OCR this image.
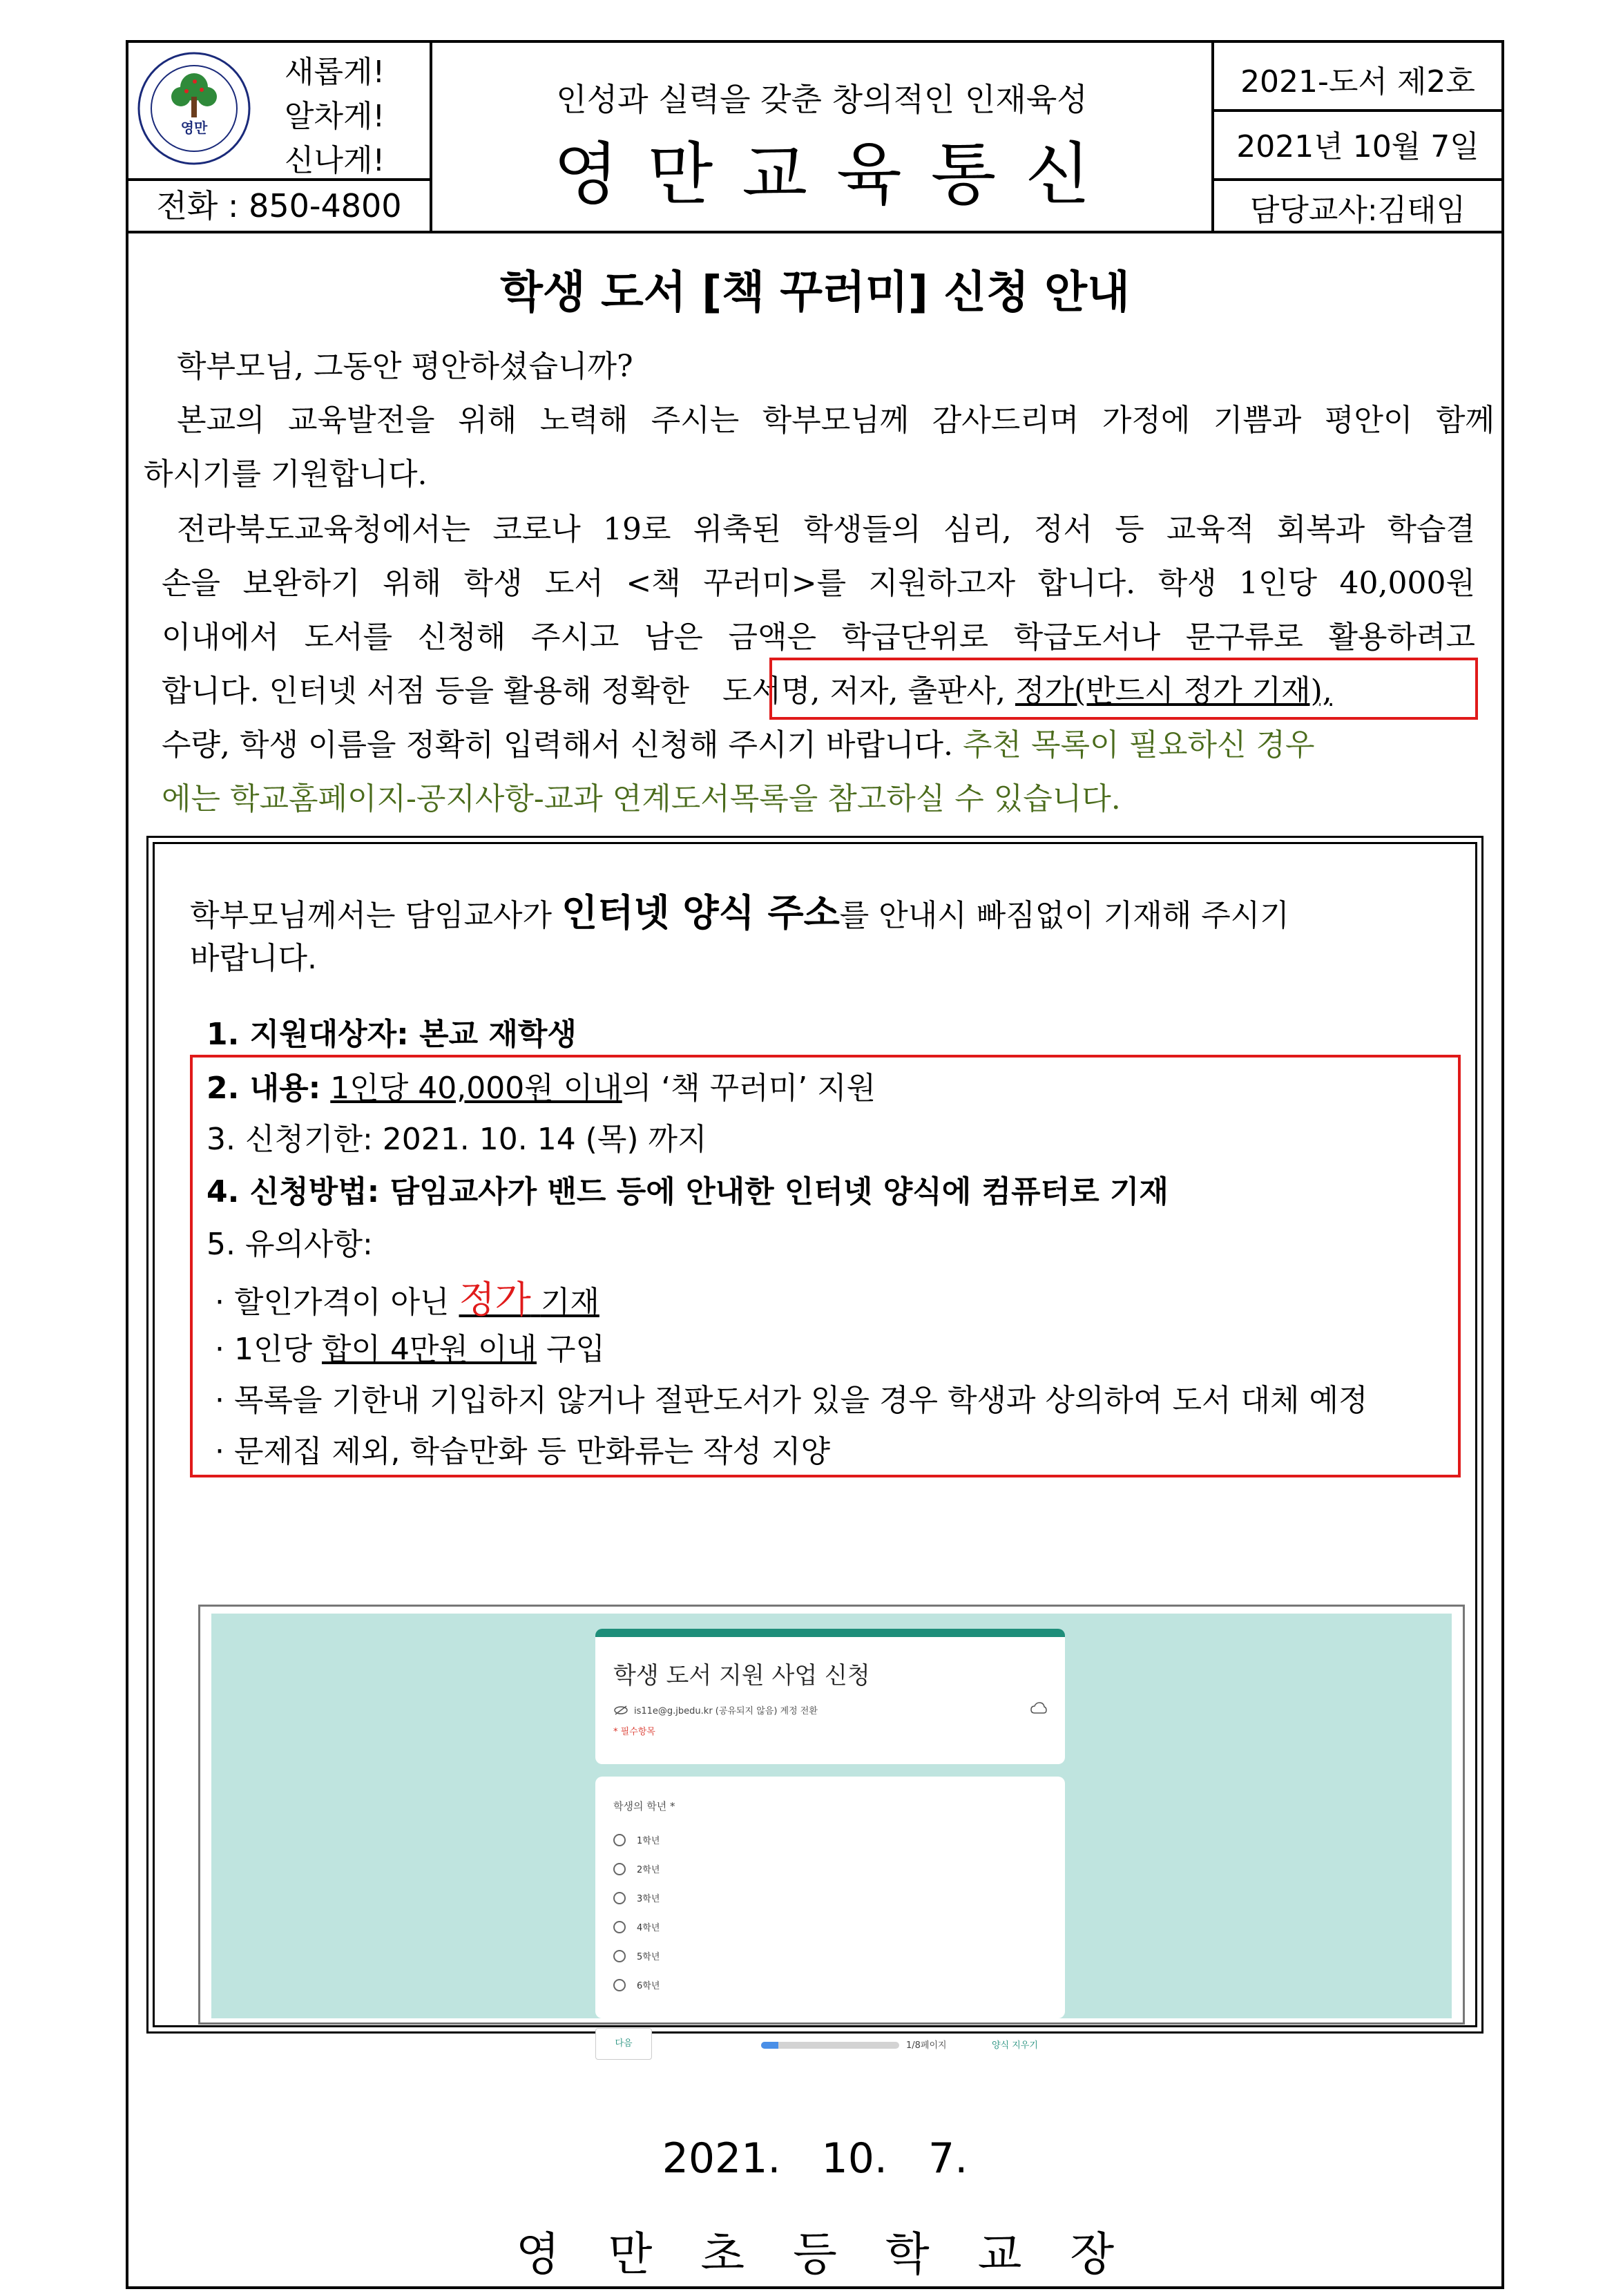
영만
새롭게!
알차게!
신나게!
전화 : 850-4800
인성과 실력을 갖춘 창의적인 인재육성
영만교육통신
2021-도서 제2호
2021년 10월 7일
담당교사:김태임
학생 도서 [책 꾸러미] 신청 안내
학부모님, 그동안 평안하셨습니까?
본교의 교육발전을 위해 노력해 주시는 학부모님께 감사드리며 가정에 기쁨과 평안이 함께
하시기를 기원합니다.
전라북도교육청에서는 코로나 19로 위축된 학생들의 심리, 정서 등 교육적 회복과 학습결
손을 보완하기 위해 학생 도서 <책 꾸러미>를 지원하고자 합니다. 학생 1인당 40,000원
이내에서 도서를 신청해 주시고 남은 금액은 학급단위로 학급도서나 문구류로 활용하려고
합니다. 인터넷 서점 등을 활용해 정확한 도서명, 저자, 출판사, 정가(반드시 정가 기재),
수량, 학생 이름을 정확히 입력해서 신청해 주시기 바랍니다. 추천 목록이 필요하신 경우
에는 학교홈페이지-공지사항-교과 연계도서목록을 참고하실 수 있습니다.
학부모님께서는 담임교사가 인터넷 양식 주소를 안내시 빠짐없이 기재해 주시기
바랍니다.
1. 지원대상자: 본교 재학생
2. 내용: 1인당 40,000원 이내의 ‘책 꾸러미’ 지원
3. 신청기한: 2021. 10. 14 (목) 까지
4. 신청방법: 담임교사가 밴드 등에 안내한 인터넷 양식에 컴퓨터로 기재
5. 유의사항:
· 할인가격이 아닌 정가 기재
· 1인당 합이 4만원 이내 구입
· 목록을 기한내 기입하지 않거나 절판도서가 있을 경우 학생과 상의하여 도서 대체 예정
· 문제집 제외, 학습만화 등 만화류는 작성 지양
학생 도서 지원 사업 신청
is11e@g.jbedu.kr (공유되지 않음) 계정 전환
* 필수항목
학생의 학년 *
1학년
2학년
3학년
4학년
5학년
6학년
다음	1/8페이지	양식 지우기
2021. 10. 7.
영만초등학교장
